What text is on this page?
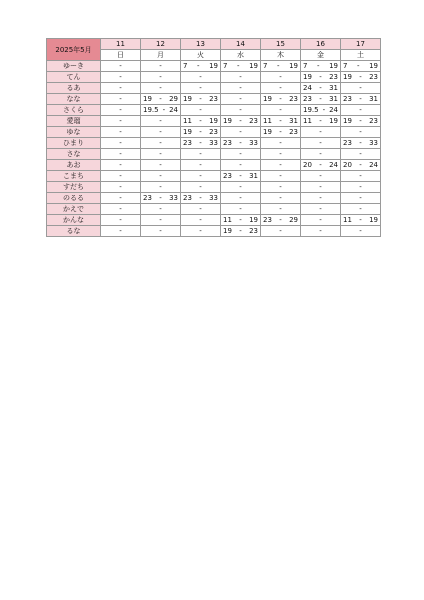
2025年5月	11	12	13	14	15	16	17
	日	月	火	水	木	金	土
ゆーき	-	-	7 - 19	7 - 19	7 - 19	7 - 19	7 - 19

てん	-	-	-	-	-	19 - 23	19 - 23

るあ	-	-	-	-	-	24 - 31	-
なな	-	19 - 29	19 - 23	-	19 - 23	23 - 31	23 - 31

さくら	-	19.5 - 24	-	-	-	19.5 - 24	-
愛瑠	-	-	11 - 19	19 - 23	11 - 31	11 - 19	19 - 23

ゆな	-	-	19 - 23	-	19 - 23	-	-
ひまり	-	-	23 - 33	23 - 33	-	-	23 - 33

さな	-	-	-	-	-	-	-
あお	-	-	-	-	-	20 - 24	20 - 24

こまち	-	-	-	23 - 31	-	-	-
すだち	-	-	-	-	-	-	-
のるる	-	23 - 33	23 - 33	-	-	-	-
かえで	-	-	-	-	-	-	-
かんな	-	-	-	11 - 19	23 - 29	-	11 - 19

るな	-	-	-	19 - 23	-	-	-
